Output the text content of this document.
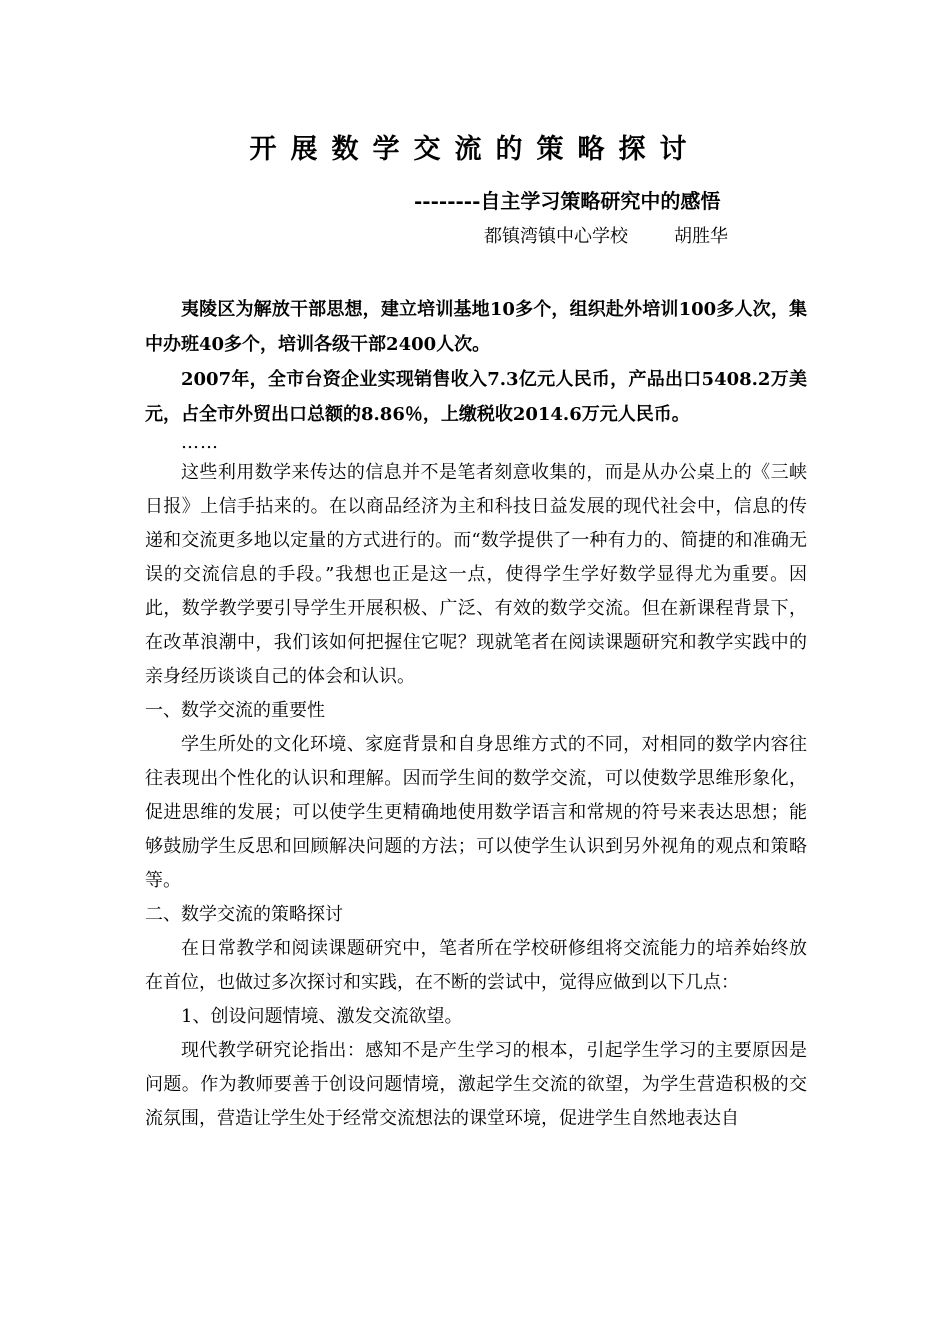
开展数学交流的策略探讨
--------自主学习策略研究中的感悟
都镇湾镇中心学校	胡胜华

夷陵区为解放干部思想，建立培训基地10多个，组织赴外培训100多人次，集中办班40多个，培训各级干部2400人次。

2007年，全市台资企业实现销售收入7.3亿元人民币，产品出口5408.2万美元，占全市外贸出口总额的8.86％，上缴税收2014.6万元人民币。

……

这些利用数学来传达的信息并不是笔者刻意收集的，而是从办公桌上的《三峡日报》上信手拈来的。在以商品经济为主和科技日益发展的现代社会中，信息的传递和交流更多地以定量的方式进行的。而“数学提供了一种有力的、简捷的和准确无误的交流信息的手段。”我想也正是这一点，使得学生学好数学显得尤为重要。因此，数学教学要引导学生开展积极、广泛、有效的数学交流。但在新课程背景下，在改革浪潮中，我们该如何把握住它呢？现就笔者在阅读课题研究和教学实践中的亲身经历谈谈自己的体会和认识。

一、数学交流的重要性

学生所处的文化环境、家庭背景和自身思维方式的不同，对相同的数学内容往往表现出个性化的认识和理解。因而学生间的数学交流，可以使数学思维形象化，促进思维的发展；可以使学生更精确地使用数学语言和常规的符号来表达思想；能够鼓励学生反思和回顾解决问题的方法；可以使学生认识到另外视角的观点和策略等。

二、数学交流的策略探讨

在日常教学和阅读课题研究中，笔者所在学校研修组将交流能力的培养始终放在首位，也做过多次探讨和实践，在不断的尝试中，觉得应做到以下几点：

1、创设问题情境、激发交流欲望。

现代教学研究论指出：感知不是产生学习的根本，引起学生学习的主要原因是问题。作为教师要善于创设问题情境，激起学生交流的欲望，为学生营造积极的交流氛围，营造让学生处于经常交流想法的课堂环境，促进学生自然地表达自
